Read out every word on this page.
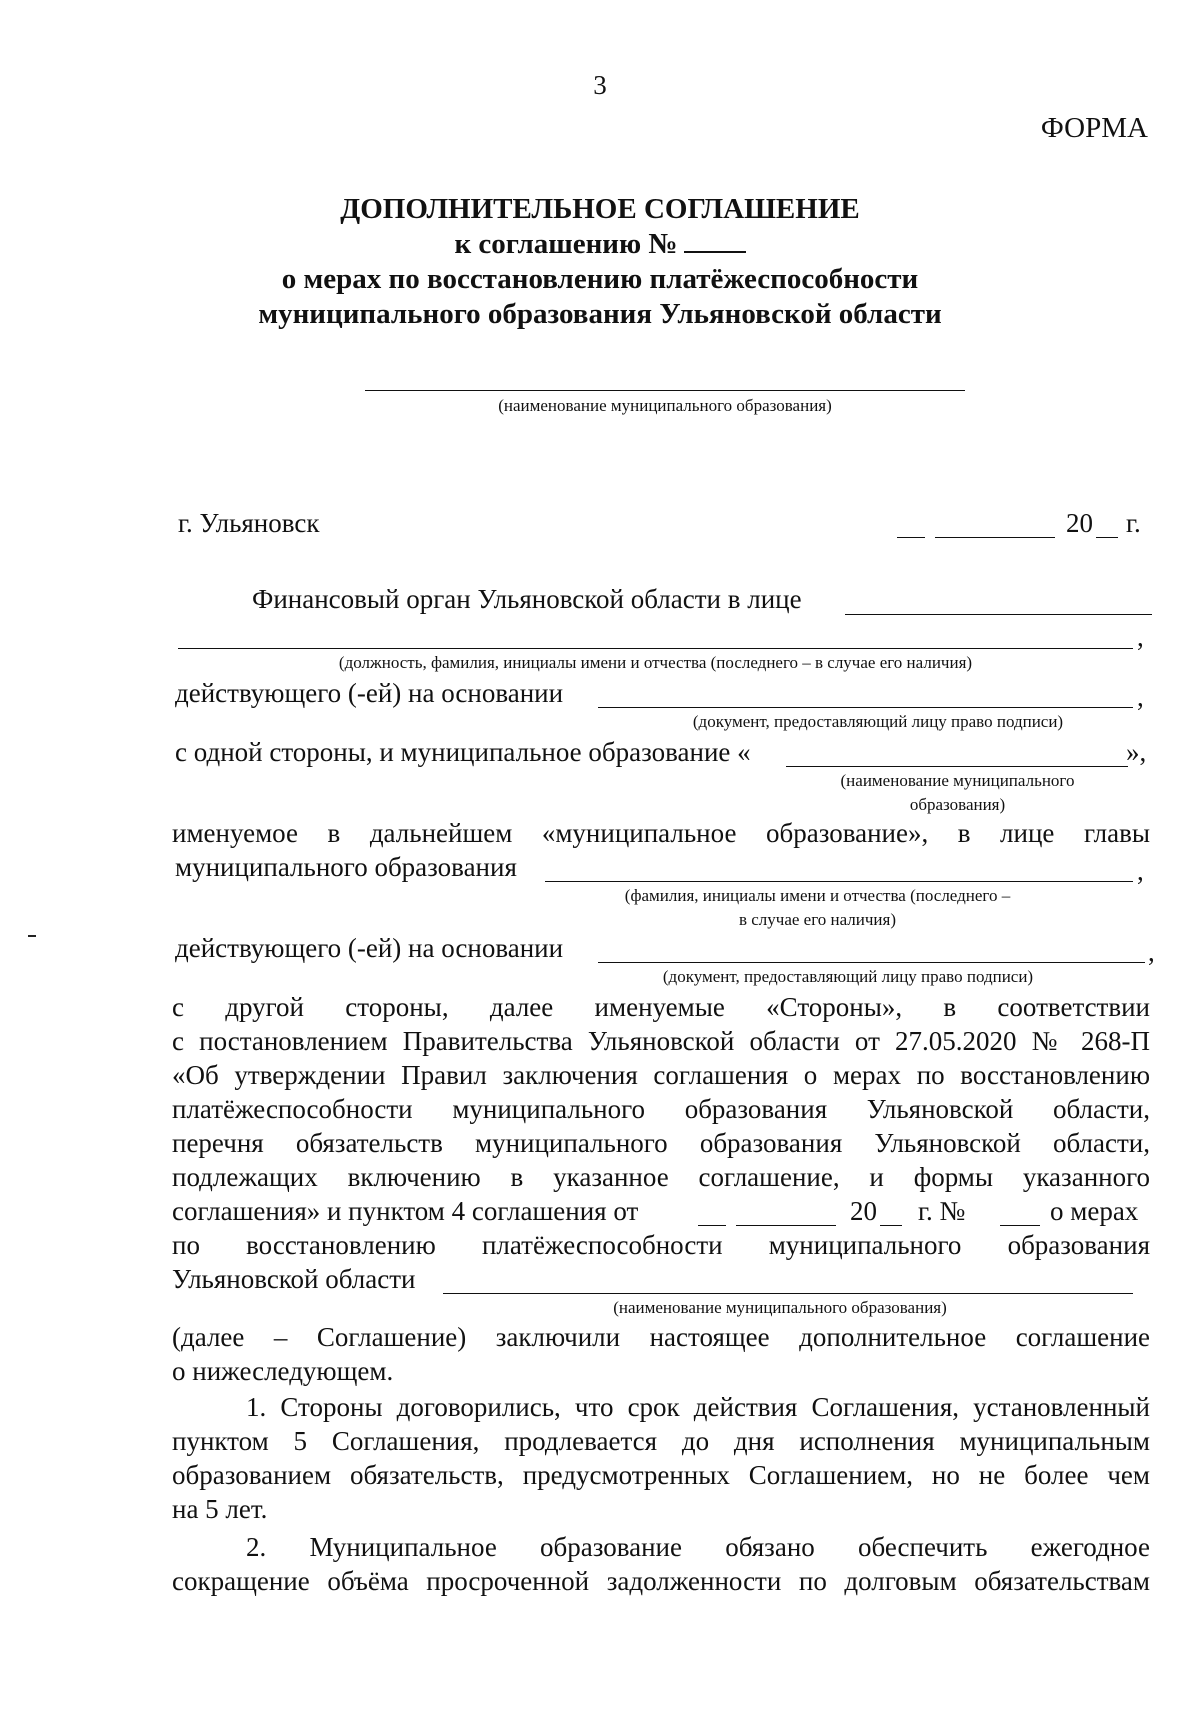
3
ФОРМА
ДОПОЛНИТЕЛЬНОЕ СОГЛАШЕНИЕ
к соглашению №
о мерах по восстановлению платёжеспособности
муниципального образования Ульяновской области
(наименование муниципального образования)
г. Ульяновск	20 г.
Финансовый орган Ульяновской области в лице
,
(должность, фамилия, инициалы имени и отчества (последнего – в случае его наличия)
действующего (-ей) на основании	,
(документ, предоставляющий лицу право подписи)
с одной стороны, и муниципальное образование «	»,
(наименование муниципального
образования)
именуемое в дальнейшем «муниципальное образование», в лице главы
муниципального образования	,
(фамилия, инициалы имени и отчества (последнего –
в случае его наличия)
действующего (-ей) на основании	,
(документ, предоставляющий лицу право подписи)
с другой стороны, далее именуемые «Стороны», в соответствии
с постановлением Правительства Ульяновской области от 27.05.2020 № 268-П
«Об утверждении Правил заключения соглашения о мерах по восстановлению
платёжеспособности муниципального образования Ульяновской области,
перечня обязательств муниципального образования Ульяновской области,
подлежащих включению в указанное соглашение, и формы указанного
соглашения» и пунктом 4 соглашения от	20 г. №	о мерах
по восстановлению платёжеспособности муниципального образования
Ульяновской области
(наименование муниципального образования)
(далее – Соглашение) заключили настоящее дополнительное соглашение
о нижеследующем.
1. Стороны договорились, что срок действия Соглашения, установленный
пунктом 5 Соглашения, продлевается до дня исполнения муниципальным
образованием обязательств, предусмотренных Соглашением, но не более чем
на 5 лет.
2. Муниципальное образование обязано обеспечить ежегодное
сокращение объёма просроченной задолженности по долговым обязательствам
